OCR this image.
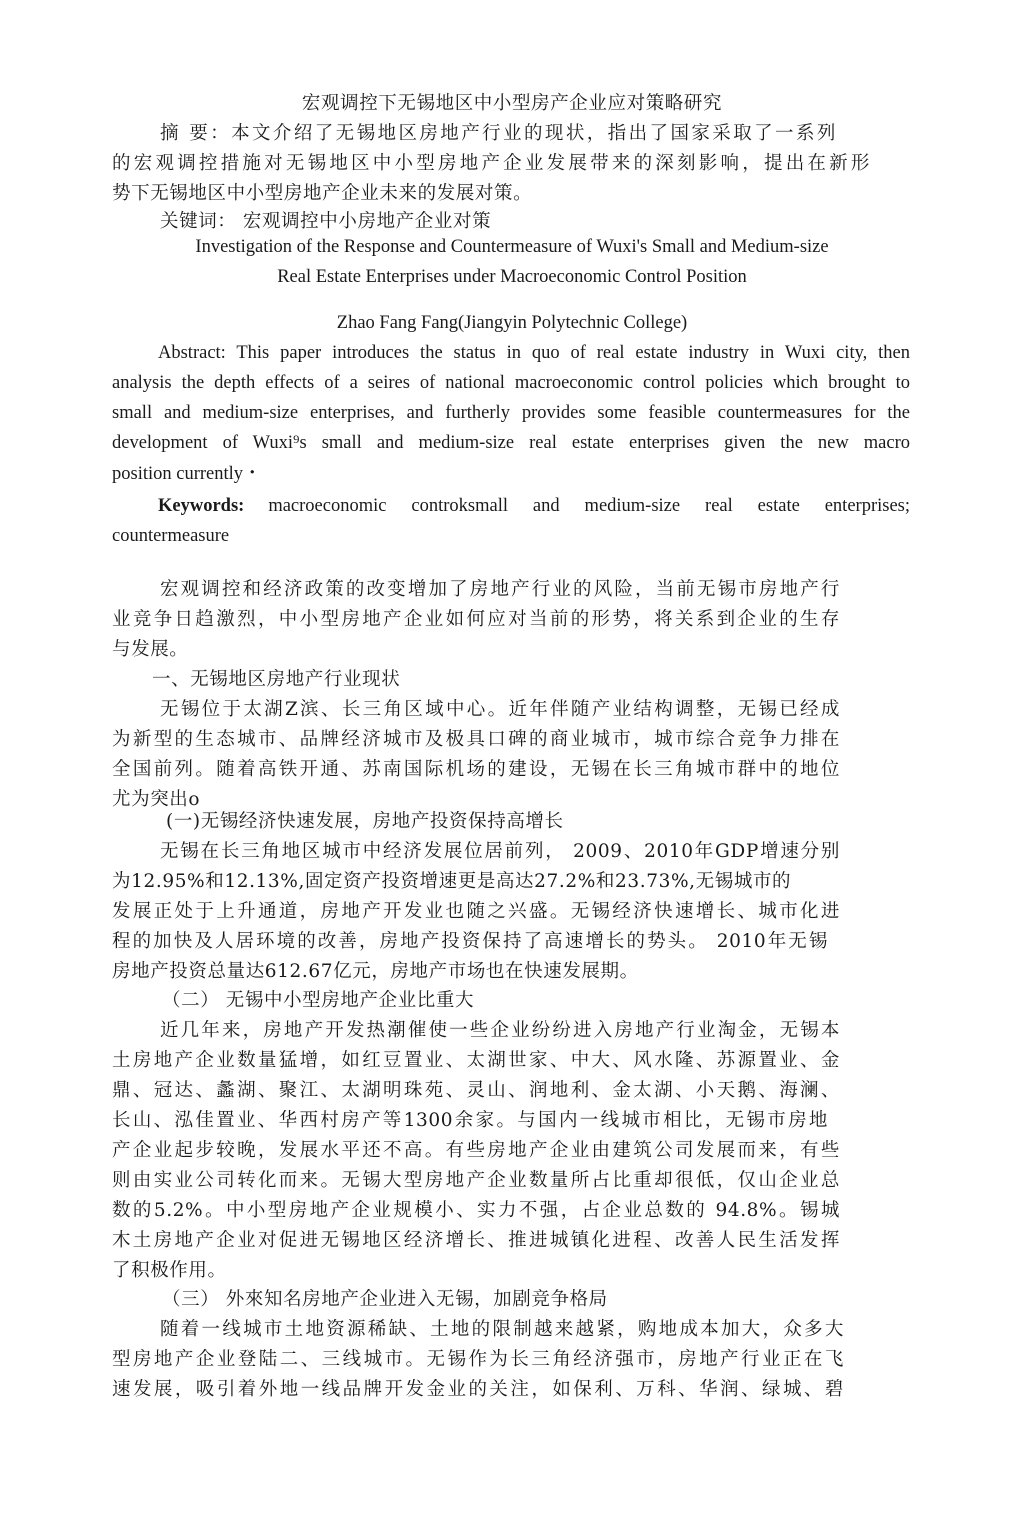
宏观调控下无锡地区中小型房产企业应对策略研究
摘 要：本文介绍了无锡地区房地产行业的现状，指出了国家采取了一系列
的宏观调控措施对无锡地区中小型房地产企业发展带来的深刻影响，提出在新形
势下无锡地区中小型房地产企业未来的发展对策。
关键词： 宏观调控中小房地产企业对策
Investigation of the Response and Countermeasure of Wuxi's Small and Medium-size
Real Estate Enterprises under Macroeconomic Control Position
Zhao Fang Fang(Jiangyin Polytechnic College)
Abstract: This paper introduces the status in quo of real estate industry in Wuxi city, then
analysis the depth effects of a seires of national macroeconomic control policies which brought to
small and medium-size enterprises, and furtherly provides some feasible countermeasures for the
development of Wuxi⁹s small and medium-size real estate enterprises given the new macro
position currently・
Keywords: macroeconomic controksmall and medium-size real estate enterprises;
countermeasure
宏观调控和经济政策的改变增加了房地产行业的风险，当前无锡市房地产行
业竞争日趋激烈，中小型房地产企业如何应对当前的形势，将关系到企业的生存
与发展。
一、无锡地区房地产行业现状
无锡位于太湖Z滨、长三角区域中心。近年伴随产业结构调整，无锡已经成
为新型的生态城市、品牌经济城市及极具口碑的商业城市，城市综合竞争力排在
全国前列。随着高铁开通、苏南国际机场的建设，无锡在长三角城市群中的地位
尤为突出o
(一)无锡经济快速发展，房地产投资保持高增长
无锡在长三角地区城市中经济发展位居前列， 2009、2010年GDP增速分别
为12.95%和12.13%,固定资产投资增速更是高达27.2%和23.73%,无锡城市的
发展正处于上升通道，房地产开发业也随之兴盛。无锡经济快速增长、城市化进
程的加快及人居环境的改善，房地产投资保持了高速增长的势头。 2010年无锡
房地产投资总量达612.67亿元，房地产市场也在快速发展期。
（二） 无锡中小型房地产企业比重大
近几年来，房地产开发热潮催使一些企业纷纷进入房地产行业淘金，无锡本
土房地产企业数量猛增，如红豆置业、太湖世家、中大、风水隆、苏源置业、金
鼎、冠达、蠡湖、聚江、太湖明珠苑、灵山、润地利、金太湖、小天鹅、海澜、
长山、泓佳置业、华西村房产等1300余家。与国内一线城市相比，无锡市房地
产企业起步较晚，发展水平还不高。有些房地产企业由建筑公司发展而来，有些
则由实业公司转化而来。无锡大型房地产企业数量所占比重却很低，仅山企业总
数的5.2%。中小型房地产企业规模小、实力不强，占企业总数的 94.8%。锡城
木土房地产企业对促进无锡地区经济增长、推进城镇化进程、改善人民生活发挥
了积极作用。
（三） 外來知名房地产企业进入无锡，加剧竞争格局
随着一线城市土地资源稀缺、土地的限制越来越紧，购地成本加大，众多大
型房地产企业登陆二、三线城市。无锡作为长三角经济强市，房地产行业正在飞
速发展，吸引着外地一线品牌开发金业的关注，如保利、万科、华润、绿城、碧
